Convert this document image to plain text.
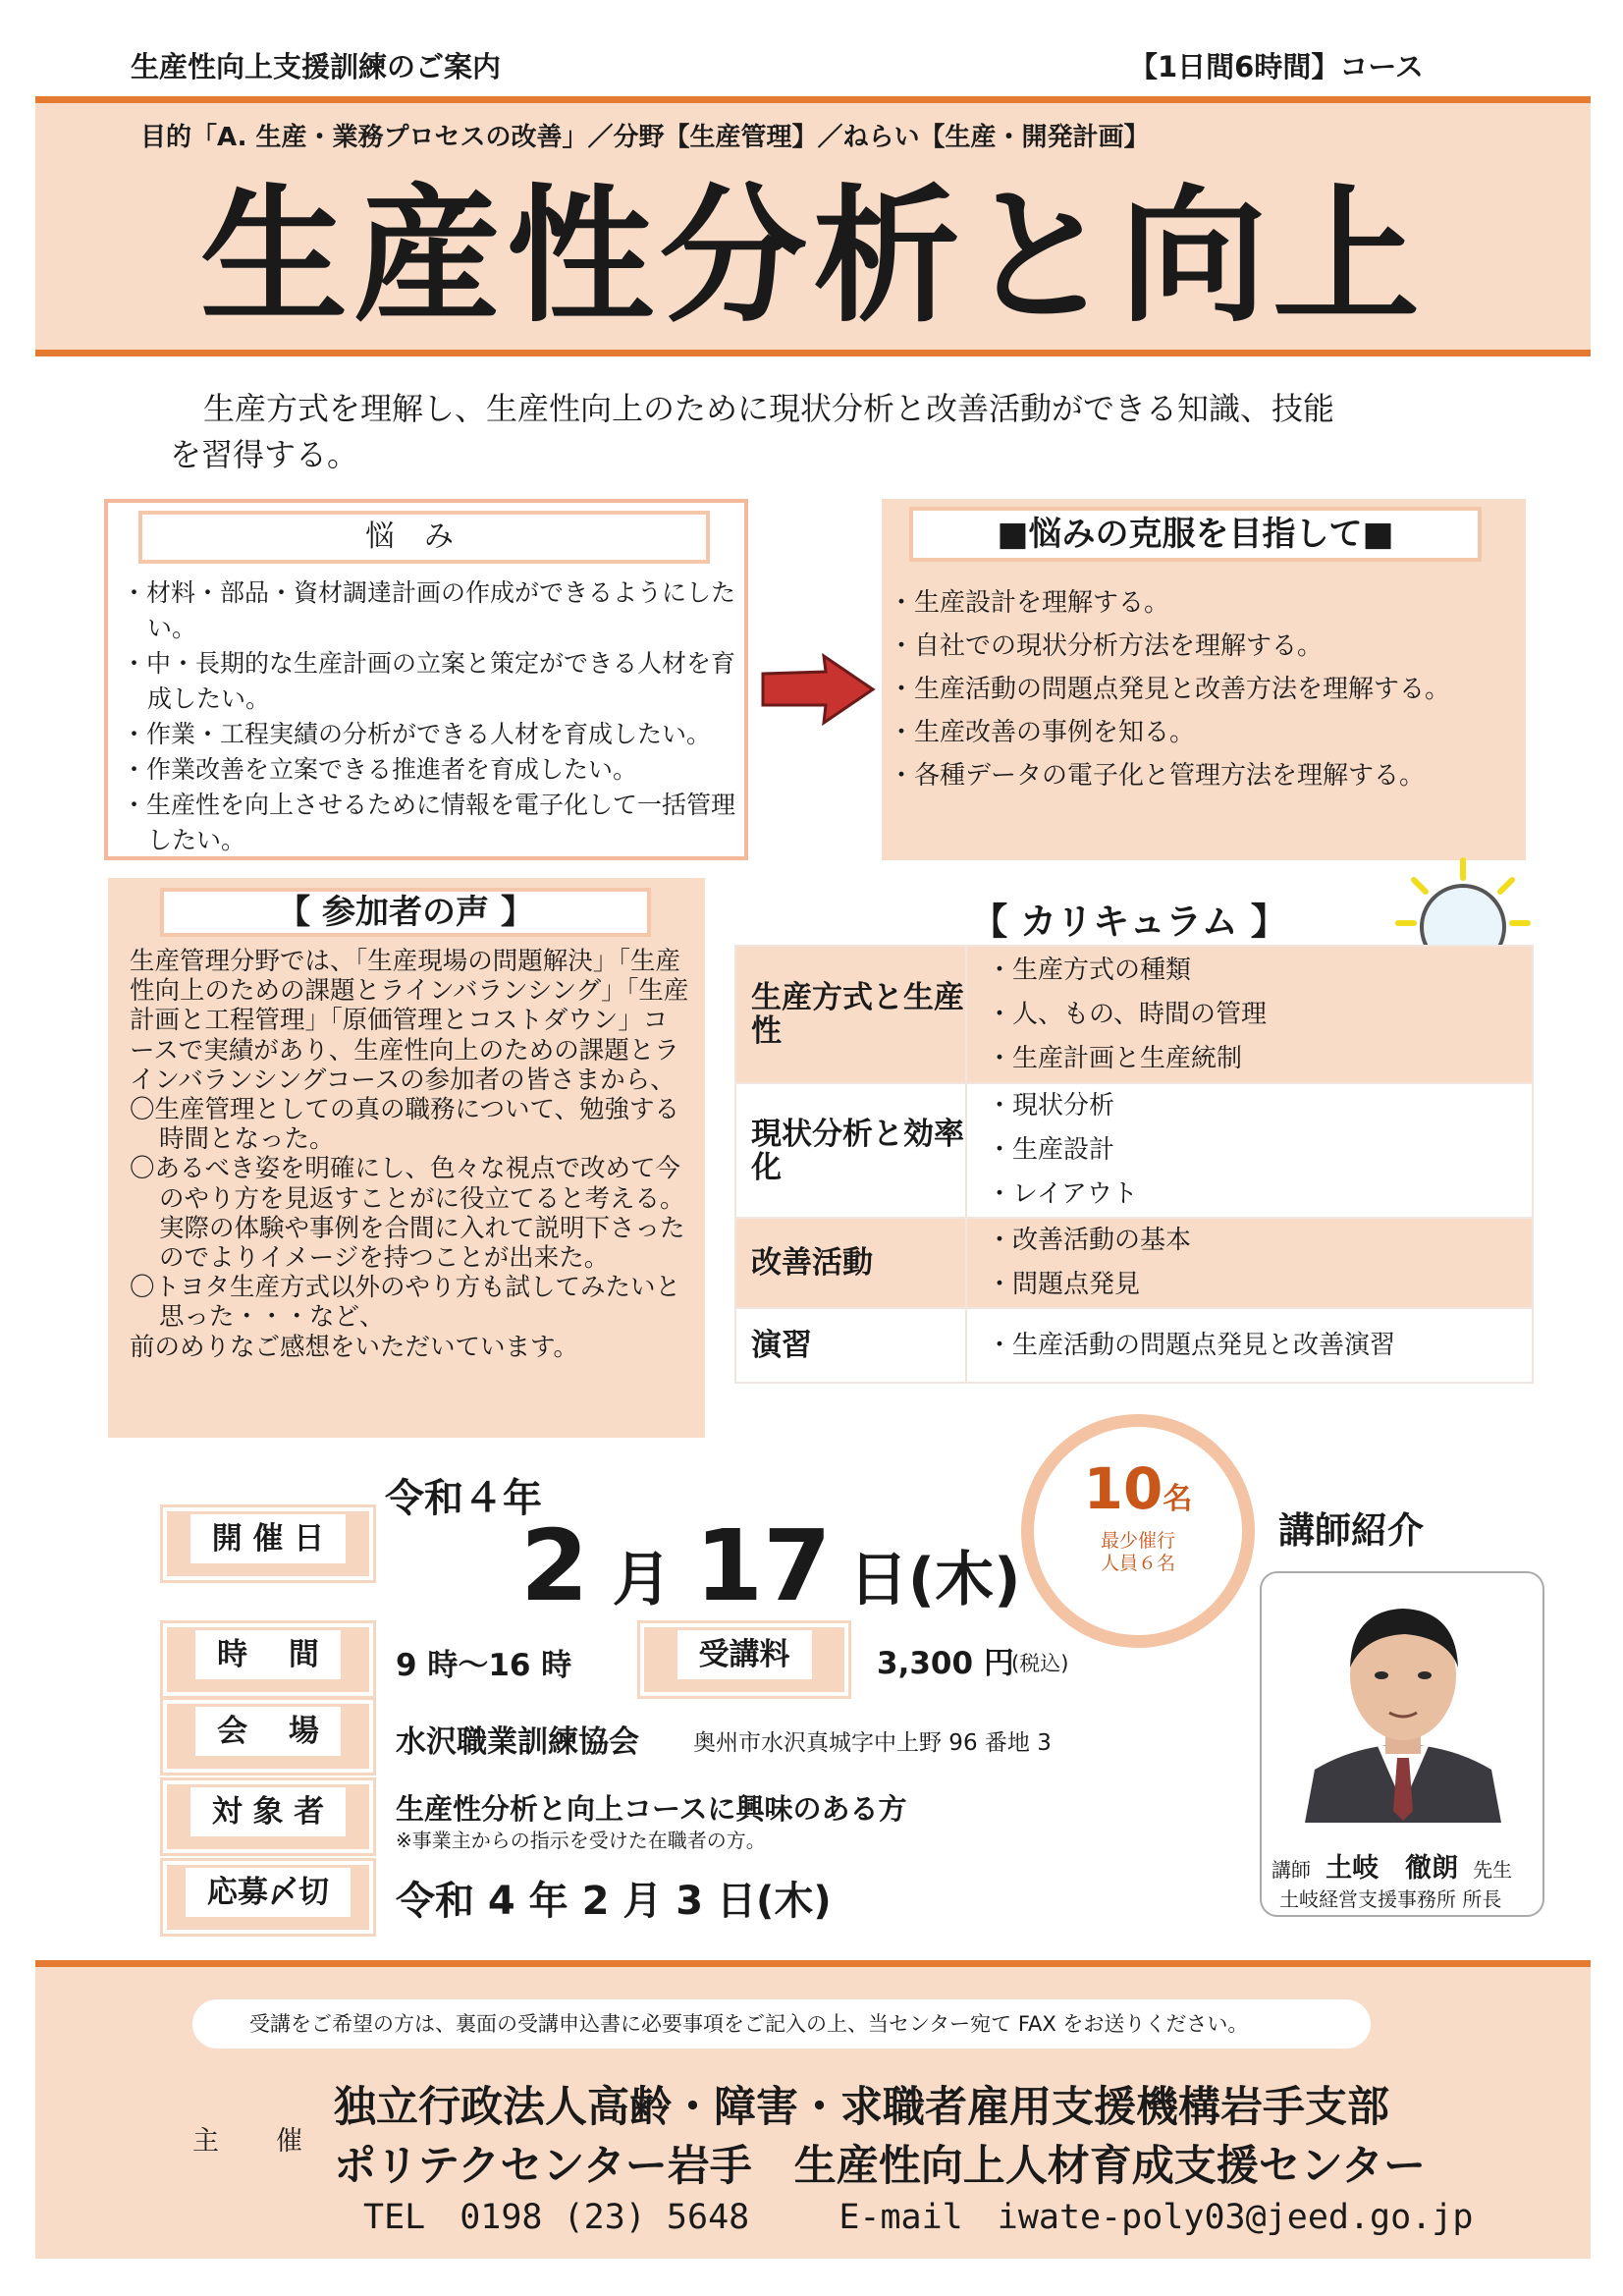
生産性向上支援訓練のご案内	【1日間6時間】コース
目的「A. 生産・業務プロセスの改善」／分野【生産管理】／ねらい【生産・開発計画】
生産性分析と向上
生産方式を理解し、生産性向上のために現状分析と改善活動ができる知識、技能
を習得する。
悩み
・材料・部品・資材調達計画の作成ができるようにしたい。
・中・長期的な生産計画の立案と策定ができる人材を育成したい。
・作業・工程実績の分析ができる人材を育成したい。
・作業改善を立案できる推進者を育成したい。
・生産性を向上させるために情報を電子化して一括管理したい。
■悩みの克服を目指して■
・生産設計を理解する。
・自社での現状分析方法を理解する。
・生産活動の問題点発見と改善方法を理解する。
・生産改善の事例を知る。
・各種データの電子化と管理方法を理解する。
【 参加者の声 】

生産管理分野では、「生産現場の問題解決」「生産性向上のための課題とラインバランシング」「生産計画と工程管理」「原価管理とコストダウン」コースで実績があり、生産性向上のための課題とラインバランシングコースの参加者の皆さまから、

〇生産管理としての真の職務について、勉強する時間となった。

〇あるべき姿を明確にし、色々な視点で改めて今のやり方を見返すことがに役立てると考える。実際の体験や事例を合間に入れて説明下さったのでよりイメージを持つことが出来た。

〇トヨタ生産方式以外のやり方も試してみたいと思った・・・など、

前のめりなご感想をいただいています。

【 カリキュラム 】
生産方式と生産性	・生産方式の種類
・人、もの、時間の管理
・生産計画と生産統制

現状分析と効率化	・現状分析
・生産設計
・レイアウト

改善活動	・改善活動の基本
・問題点発見

演習	・生産活動の問題点発見と改善演習
開 催 日
令和４年
2 月 17 日(木)
時　 間	9 時～16 時	受講料	3,300 円
(税込)
会　 場	水沢職業訓練協会 奥州市水沢真城字中上野 96 番地 3
対 象 者	生産性分析と向上コースに興味のある方
※事業主からの指示を受けた在職者の方。
応募〆切	令和 4 年 2 月 3 日(木)
10名
最少催行
人員６名
講師紹介
講師 土岐　徹朗 先生
土岐経営支援事務所 所長
受講をご希望の方は、裏面の受講申込書に必要事項をご記入の上、当センター宛て FAX をお送りください。
主催
独立行政法人高齢・障害・求職者雇用支援機構岩手支部
ポリテクセンター岩手　生産性向上人材育成支援センター
TEL　0198 (23) 5648	E-mail　iwate-poly03@jeed.go.jp
